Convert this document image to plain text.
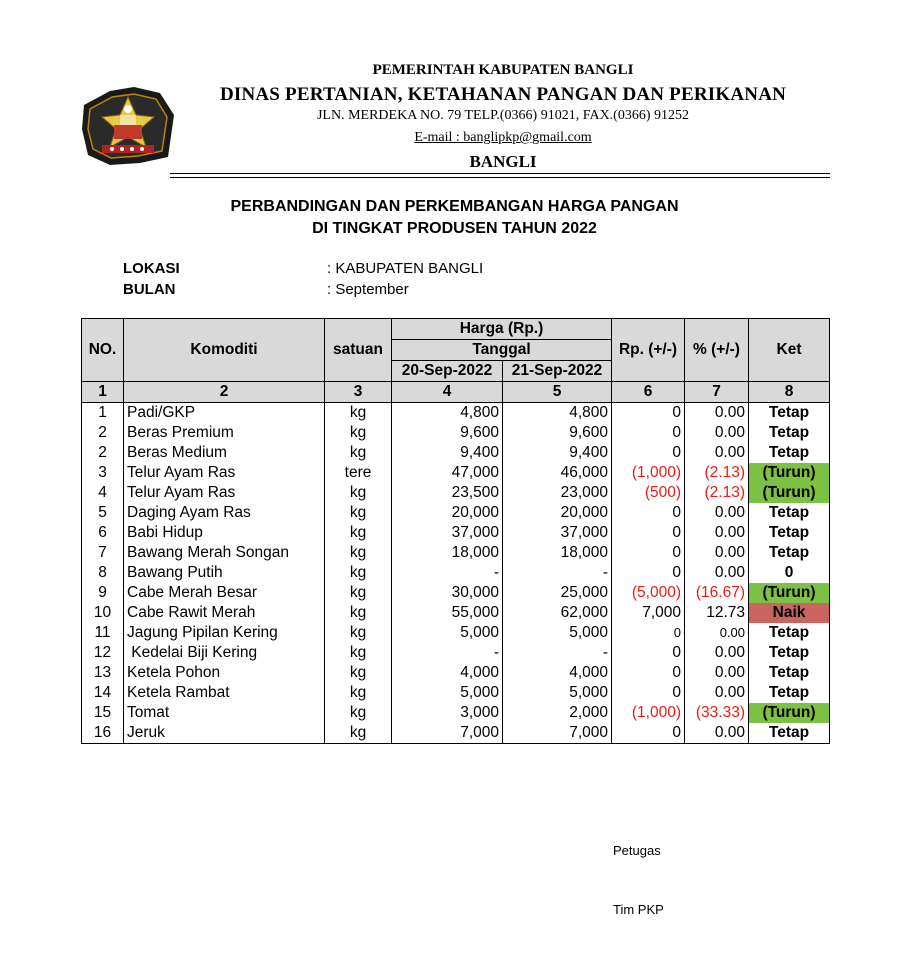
PEMERINTAH KABUPATEN BANGLI
DINAS PERTANIAN, KETAHANAN PANGAN DAN PERIKANAN
JLN. MERDEKA NO. 79 TELP.(0366) 91021, FAX.(0366) 91252
E-mail : banglipkp@gmail.com
BANGLI
PERBANDINGAN DAN PERKEMBANGAN HARGA PANGAN
DI TINGKAT PRODUSEN TAHUN 2022
LOKASI	: KABUPATEN BANGLI
BULAN	: September
NO.	Komoditi	satuan	Harga (Rp.)		Rp. (+/-)	% (+/-)	Ket
			Tanggal				
			20-Sep-2022	21-Sep-2022			
1	2	3	4	5	6	7	8
1	Padi/GKP	kg	4,800	4,800	0	0.00	Tetap
2	Beras Premium	kg	9,600	9,600	0	0.00	Tetap
2	Beras Medium	kg	9,400	9,400	0	0.00	Tetap
3	Telur Ayam Ras	tere	47,000	46,000	(1,000)	(2.13)	(Turun)
4	Telur Ayam Ras	kg	23,500	23,000	(500)	(2.13)	(Turun)
5	Daging Ayam Ras	kg	20,000	20,000	0	0.00	Tetap
6	Babi Hidup	kg	37,000	37,000	0	0.00	Tetap
7	Bawang Merah Songan	kg	18,000	18,000	0	0.00	Tetap
8	Bawang Putih	kg	-	-	0	0.00	0
9	Cabe Merah Besar	kg	30,000	25,000	(5,000)	(16.67)	(Turun)
10	Cabe Rawit Merah	kg	55,000	62,000	7,000	12.73	Naik
11	Jagung Pipilan Kering	kg	5,000	5,000	0	0.00	Tetap
12	Kedelai Biji Kering	kg	-	-	0	0.00	Tetap
13	Ketela Pohon	kg	4,000	4,000	0	0.00	Tetap
14	Ketela Rambat	kg	5,000	5,000	0	0.00	Tetap
15	Tomat	kg	3,000	2,000	(1,000)	(33.33)	(Turun)
16	Jeruk	kg	7,000	7,000	0	0.00	Tetap
Petugas
Tim PKP
